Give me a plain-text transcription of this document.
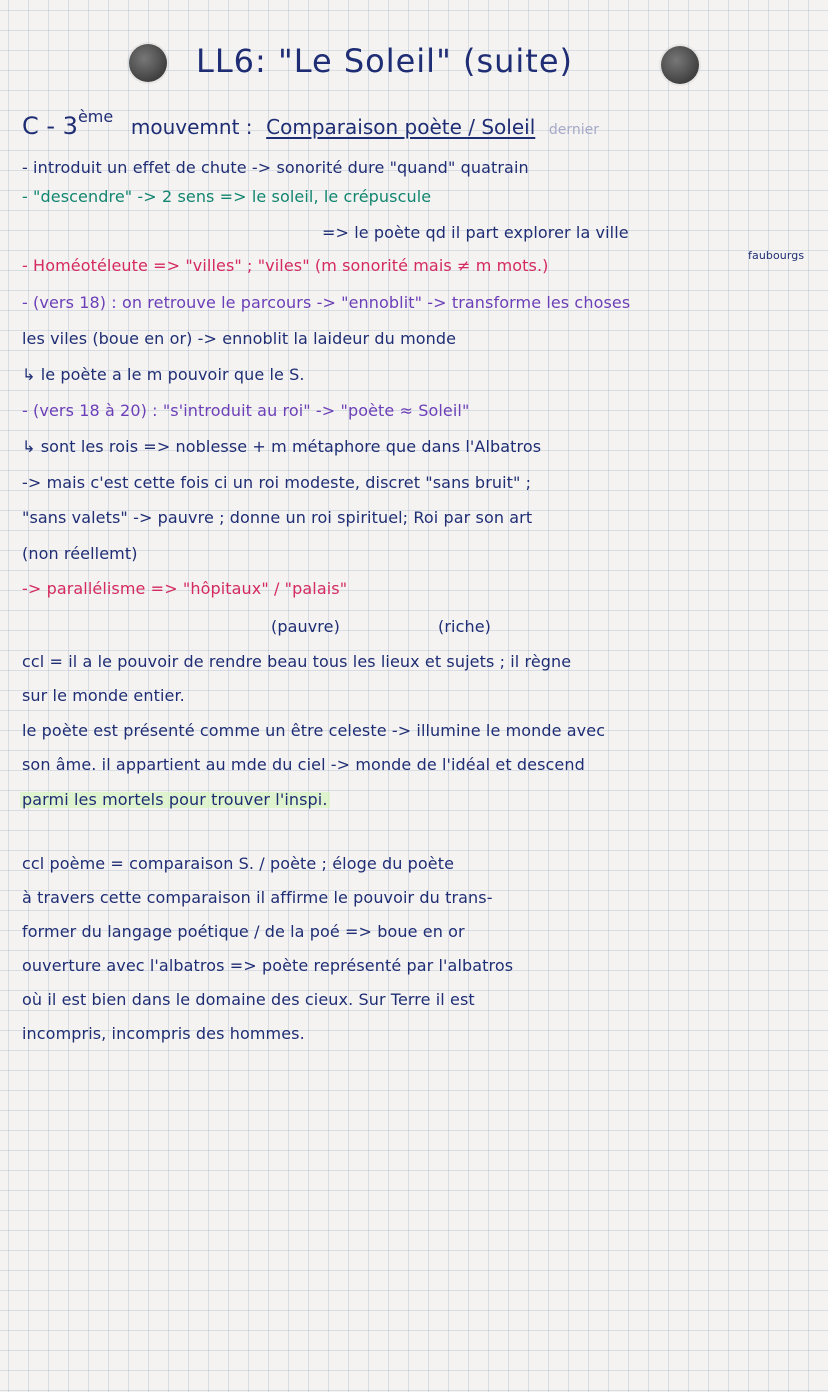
LL6: "Le Soleil" (suite)
C - 3ème mouvemnt : Comparaison poète / Soleil dernier
- introduit un effet de chute -> sonorité dure "quand" quatrain
- "descendre" -> 2 sens => le soleil, le crépuscule
=> le poète qd il part explorer la ville
- Homéotéleute => "villes" ; "viles" (m sonorité mais ≠ m mots.)
faubourgs
- (vers 18) : on retrouve le parcours -> "ennoblit" -> transforme les choses
les viles (boue en or) -> ennoblit la laideur du monde
↳ le poète a le m pouvoir que le S.
- (vers 18 à 20) : "s'introduit au roi" -> "poète ≈ Soleil"
↳ sont les rois => noblesse + m métaphore que dans l'Albatros
-> mais c'est cette fois ci un roi modeste, discret "sans bruit" ;
"sans valets" -> pauvre ; donne un roi spirituel; Roi par son art
(non réellemt)
-> parallélisme => "hôpitaux" / "palais"
(pauvre)	(riche)
ccl = il a le pouvoir de rendre beau tous les lieux et sujets ; il règne
sur le monde entier.
le poète est présenté comme un être celeste -> illumine le monde avec
son âme. il appartient au mde du ciel -> monde de l'idéal et descend
parmi les mortels pour trouver l'inspi.
ccl poème = comparaison S. / poète ; éloge du poète
à travers cette comparaison il affirme le pouvoir du trans-
former du langage poétique / de la poé => boue en or
ouverture avec l'albatros => poète représenté par l'albatros
où il est bien dans le domaine des cieux. Sur Terre il est
incompris, incompris des hommes.
